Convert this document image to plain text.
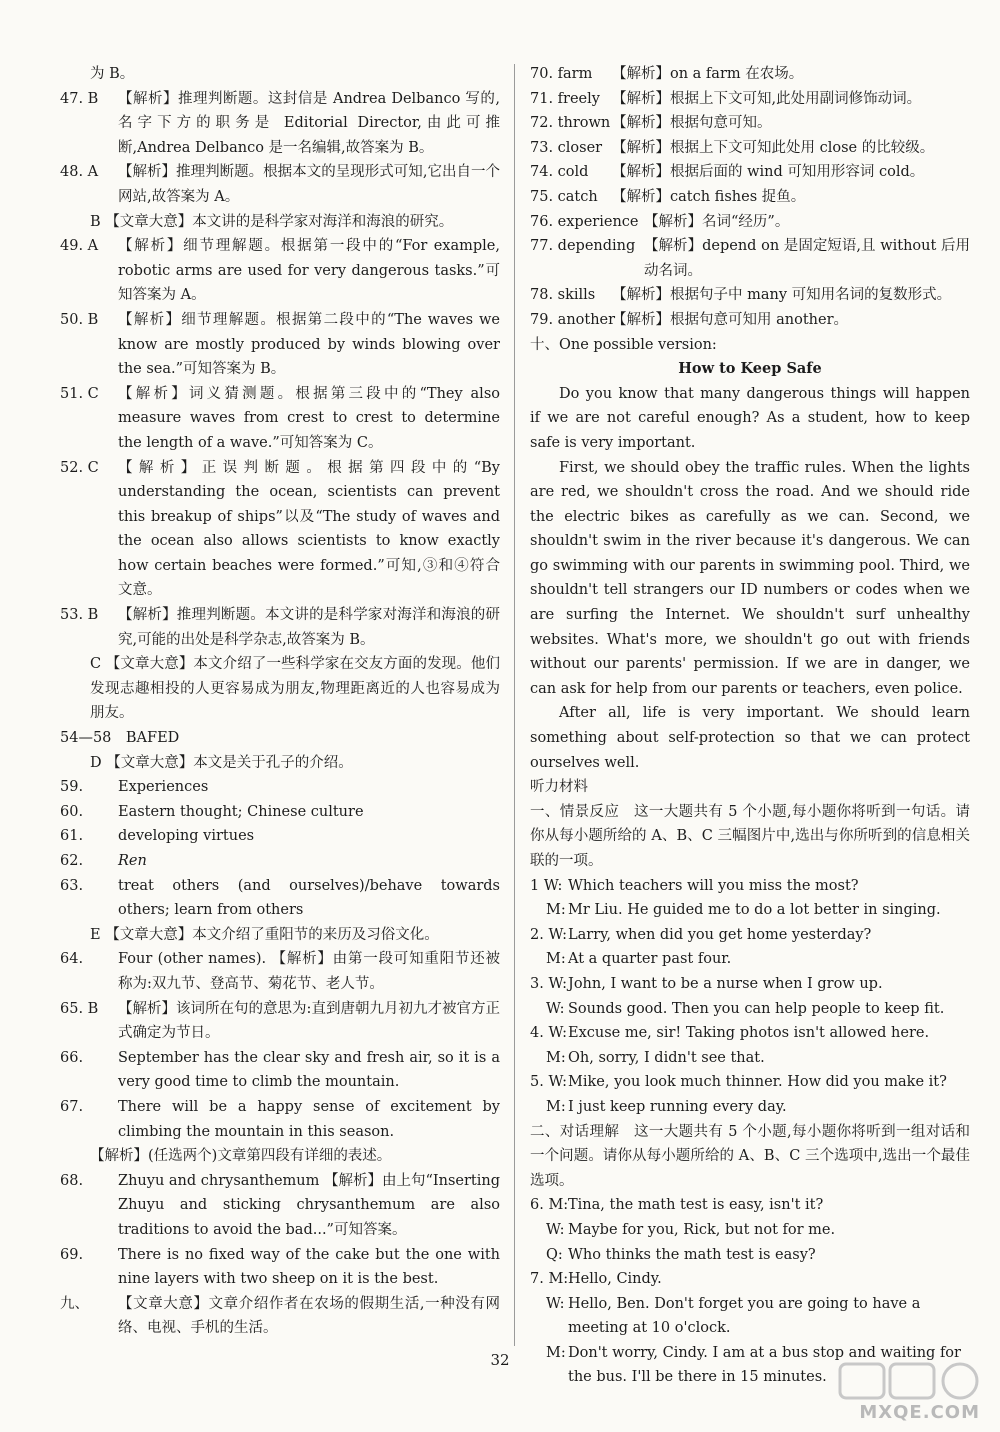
为 B。
47. B	【解析】推理判断题。这封信是 Andrea Delbanco 写的,名字下方的职务是 Editorial Director,由此可推断,Andrea Delbanco 是一名编辑,故答案为 B。
48. A	【解析】推理判断题。根据本文的呈现形式可知,它出自一个网站,故答案为 A。
B 【文章大意】本文讲的是科学家对海洋和海浪的研究。
49. A	【解析】细节理解题。根据第一段中的“For example, robotic arms are used for very dangerous tasks.”可知答案为 A。
50. B	【解析】细节理解题。根据第二段中的“The waves we know are mostly produced by winds blowing over the sea.”可知答案为 B。
51. C	【解析】词义猜测题。根据第三段中的“They also measure waves from crest to crest to determine the length of a wave.”可知答案为 C。
52. C	【解析】正误判断题。根据第四段中的“By understanding the ocean, scientists can prevent this breakup of ships”以及“The study of waves and the ocean also allows scientists to know exactly how certain beaches were formed.”可知,③和④符合文意。
53. B	【解析】推理判断题。本文讲的是科学家对海洋和海浪的研究,可能的出处是科学杂志,故答案为 B。
C 【文章大意】本文介绍了一些科学家在交友方面的发现。他们发现志趣相投的人更容易成为朋友,物理距离近的人也容易成为朋友。
54—58　BAFED
D 【文章大意】本文是关于孔子的介绍。
59.	Experiences
60.	Eastern thought; Chinese culture
61.	developing virtues
62.	Ren
63.	treat others (and ourselves)/behave towards others; learn from others
E 【文章大意】本文介绍了重阳节的来历及习俗文化。
64.	Four (other names). 【解析】由第一段可知重阳节还被称为:双九节、登高节、菊花节、老人节。
65. B	【解析】该词所在句的意思为:直到唐朝九月初九才被官方正式确定为节日。
66.	September has the clear sky and fresh air, so it is a very good time to climb the mountain.
67.	There will be a happy sense of excitement by climbing the mountain in this season.
【解析】(任选两个)文章第四段有详细的表述。
68.	Zhuyu and chrysanthemum 【解析】由上句“Inserting Zhuyu and sticking chrysanthemum are also traditions to avoid the bad...”可知答案。
69.	There is no fixed way of the cake but the one with nine layers with two sheep on it is the best.
九、	【文章大意】文章介绍作者在农场的假期生活,一种没有网络、电视、手机的生活。
70. farm	【解析】on a farm 在农场。
71. freely 【解析】根据上下文可知,此处用副词修饰动词。
72. thrown 【解析】根据句意可知。
73. closer 【解析】根据上下文可知此处用 close 的比较级。
74. cold	【解析】根据后面的 wind 可知用形容词 cold。
75. catch 【解析】catch fishes 捉鱼。
76. experience 【解析】名词“经历”。
77. depending 【解析】depend on 是固定短语,且 without 后用动名词。
78. skills	【解析】根据句子中 many 可知用名词的复数形式。
79. another
【解析】根据句意可知用 another。
十、One possible version:
How to Keep Safe
Do you know that many dangerous things will happen if we are not careful enough? As a student, how to keep safe is very important.
First, we should obey the traffic rules. When the lights are red, we shouldn't cross the road. And we should ride the electric bikes as carefully as we can. Second, we shouldn't swim in the river because it's dangerous. We can go swimming with our parents in swimming pool. Third, we shouldn't tell strangers our ID numbers or codes when we are surfing the Internet. We shouldn't surf unhealthy websites. What's more, we shouldn't go out with friends without our parents' permission. If we are in danger, we can ask for help from our parents or teachers, even police.
After all, life is very important. We should learn something about self-protection so that we can protect ourselves well.
听力材料
一、情景反应　这一大题共有 5 个小题,每小题你将听到一句话。请你从每小题所给的 A、B、C 三幅图片中,选出与你所听到的信息相关联的一项。
1 W: Which teachers will you miss the most?
M: Mr Liu. He guided me to do a lot better in singing.
2. W: Larry, when did you get home yesterday?
M: At a quarter past four.
3. W: John, I want to be a nurse when I grow up.
W: Sounds good. Then you can help people to keep fit.
4. W: Excuse me, sir! Taking photos isn't allowed here.
M: Oh, sorry, I didn't see that.
5. W: Mike, you look much thinner. How did you make it?
M: I just keep running every day.
二、对话理解　这一大题共有 5 个小题,每小题你将听到一组对话和一个问题。请你从每小题所给的 A、B、C 三个选项中,选出一个最佳选项。
6. M: Tina, the math test is easy, isn't it?
W: Maybe for you, Rick, but not for me.
Q: Who thinks the math test is easy?
7. M: Hello, Cindy.
W: Hello, Ben. Don't forget you are going to have a meeting at 10 o'clock.
M: Don't worry, Cindy. I am at a bus stop and waiting for the bus. I'll be there in 15 minutes.
32
MXQE.COM
